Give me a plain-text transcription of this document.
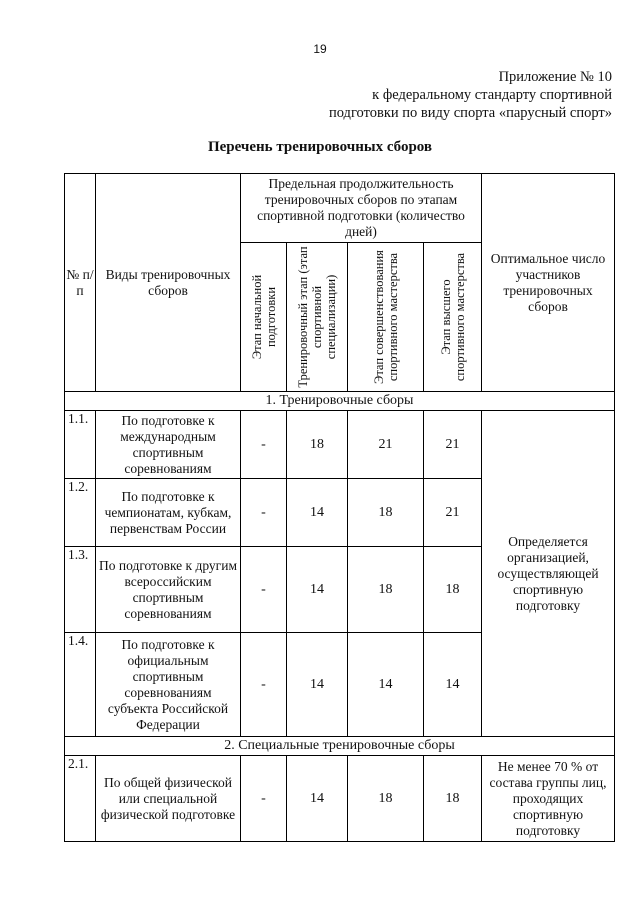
19
Приложение № 10
к федеральному стандарту спортивной
подготовки по виду спорта «парусный спорт»
Перечень тренировочных сборов
№ п/п	Виды тренировочных сборов	Предельная продолжительность тренировочных сборов по этапам спортивной подготовки (количество дней)				Оптимальное число участников тренировочных сборов

		Этап начальной подготовки	Тренировочный этап (этап спортивной специализации)	Этап совершенствования спортивного мастерства	Этап высшего спортивного мастерства	

1. Тренировочные сборы						
1.1.	По подготовке к международным спортивным соревнованиям	-	18	21	21	Определяется организацией, осуществляющей спортивную подготовку
1.2.	По подготовке к чемпионатам, кубкам, первенствам России	-	14	18	21	
1.3.	По подготовке к другим всероссийским спортивным соревнованиям	-	14	18	18	
1.4.	По подготовке к официальным спортивным соревнованиям субъекта Российской Федерации	-	14	14	14	
2. Специальные тренировочные сборы						
2.1.	По общей физической или специальной физической подготовке	-	14	18	18	Не менее 70 % от состава группы лиц, проходящих спортивную подготовку
